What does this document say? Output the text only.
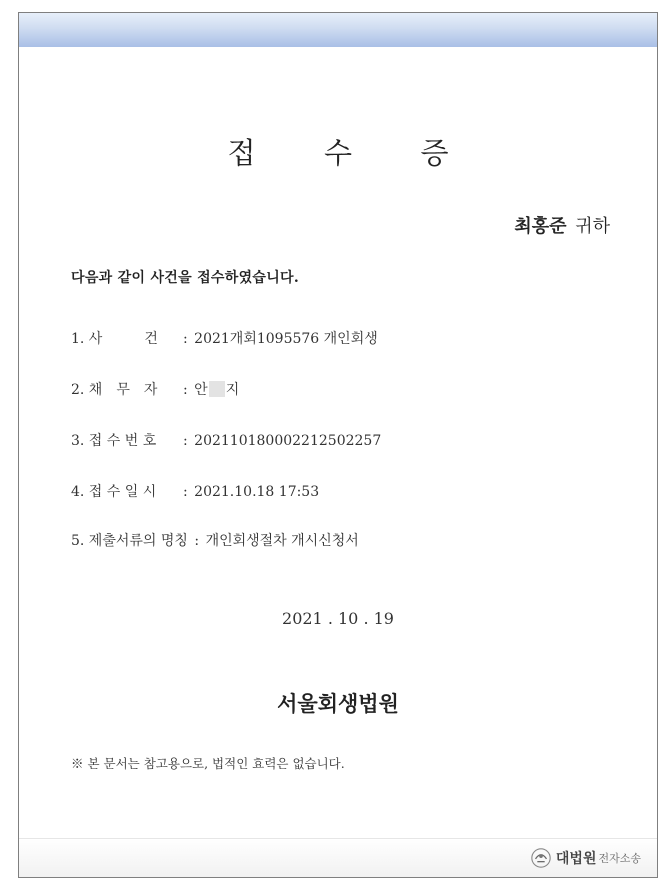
접 수 증
최홍준 귀하
다음과 같이 사건을 접수하였습니다.
1. 사　　　건 : 2021개회1095576 개인회생
2. 채　무　자 : 안 지
3. 접 수 번 호 : 20211018000221250225​7
4. 접 수 일 시 : 2021.10.18 17:53
5. 제출서류의 명칭 : 개인회생절차 개시신청서
2021 . 10 . 19
서울회생법원
※ 본 문서는 참고용으로, 법적인 효력은 없습니다.
대법원 전자소송
